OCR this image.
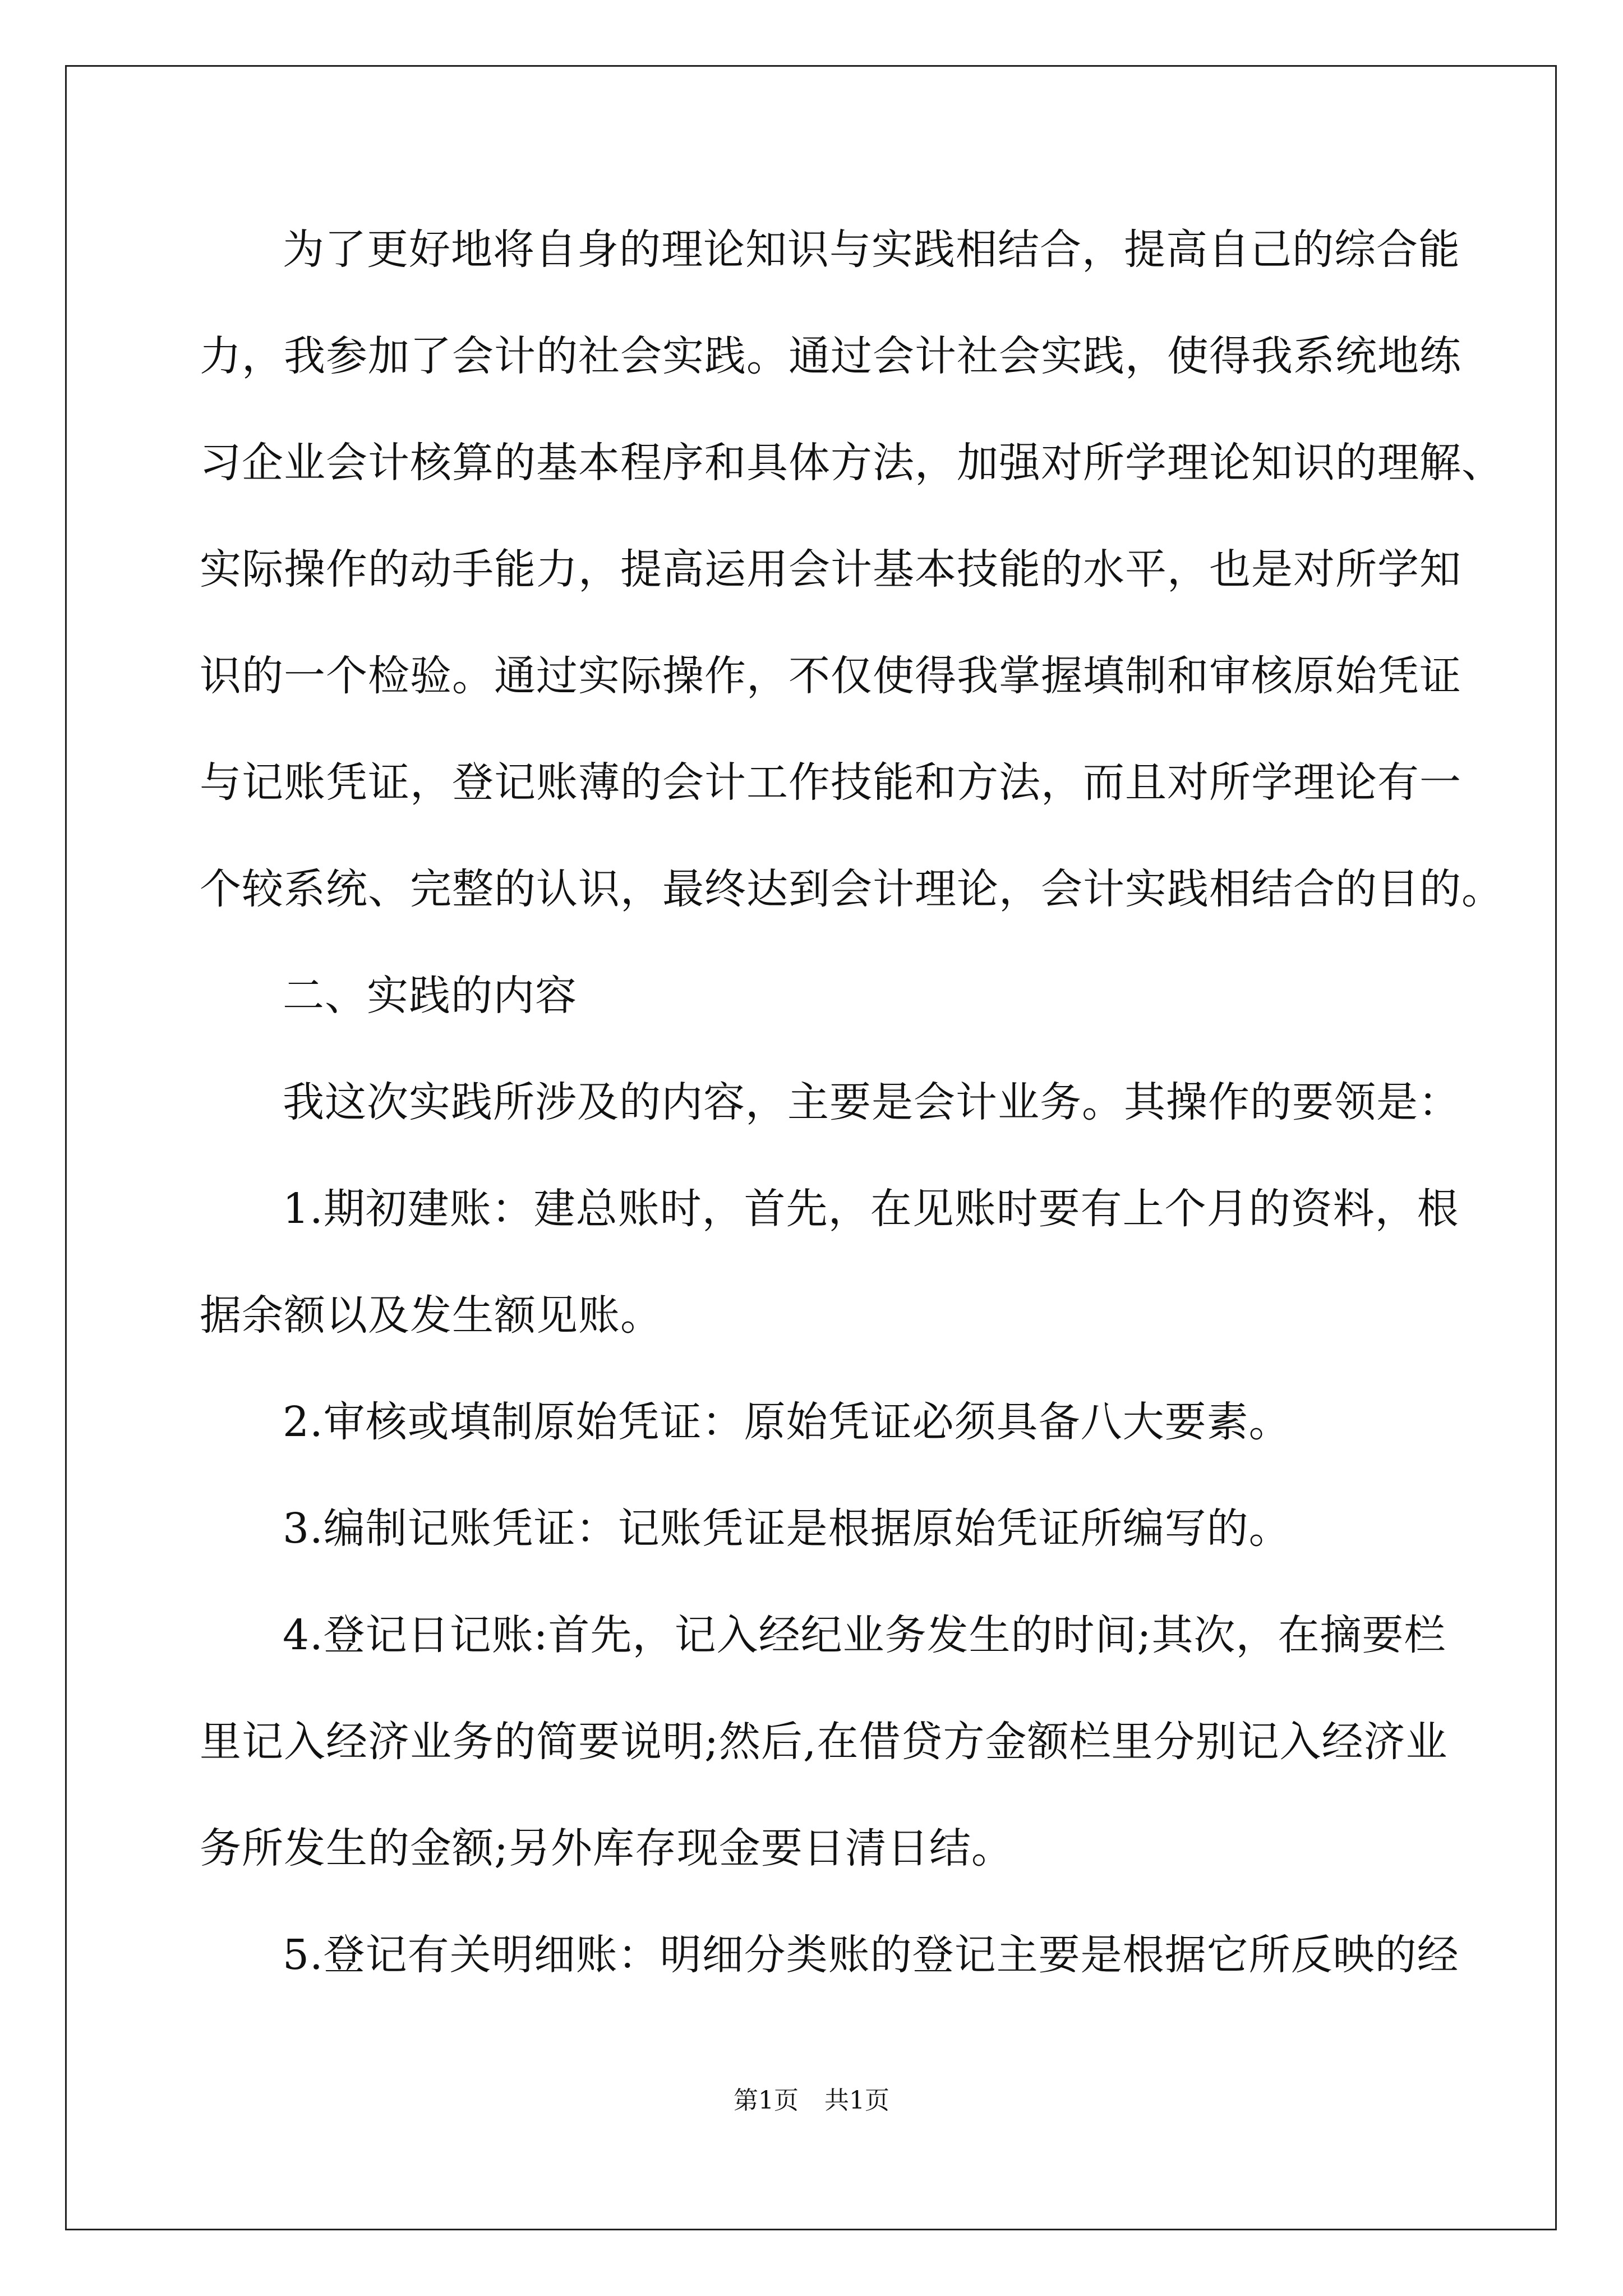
为了更好地将自身的理论知识与实践相结合，提高自己的综合能

力，我参加了会计的社会实践。通过会计社会实践，使得我系统地练

习企业会计核算的基本程序和具体方法，加强对所学理论知识的理解、

实际操作的动手能力，提高运用会计基本技能的水平，也是对所学知

识的一个检验。通过实际操作，不仅使得我掌握填制和审核原始凭证

与记账凭证，登记账薄的会计工作技能和方法，而且对所学理论有一

个较系统、完整的认识，最终达到会计理论，会计实践相结合的目的。

二、实践的内容

我这次实践所涉及的内容，主要是会计业务。其操作的要领是：

1.期初建账：建总账时，首先，在见账时要有上个月的资料，根

据余额以及发生额见账。

2.审核或填制原始凭证：原始凭证必须具备八大要素。

3.编制记账凭证：记账凭证是根据原始凭证所编写的。

4.登记日记账:首先，记入经纪业务发生的时间;其次，在摘要栏

里记入经济业务的简要说明;然后,在借贷方金额栏里分别记入经济业

务所发生的金额;另外库存现金要日清日结。

5.登记有关明细账：明细分类账的登记主要是根据它所反映的经

第1页 共1页
